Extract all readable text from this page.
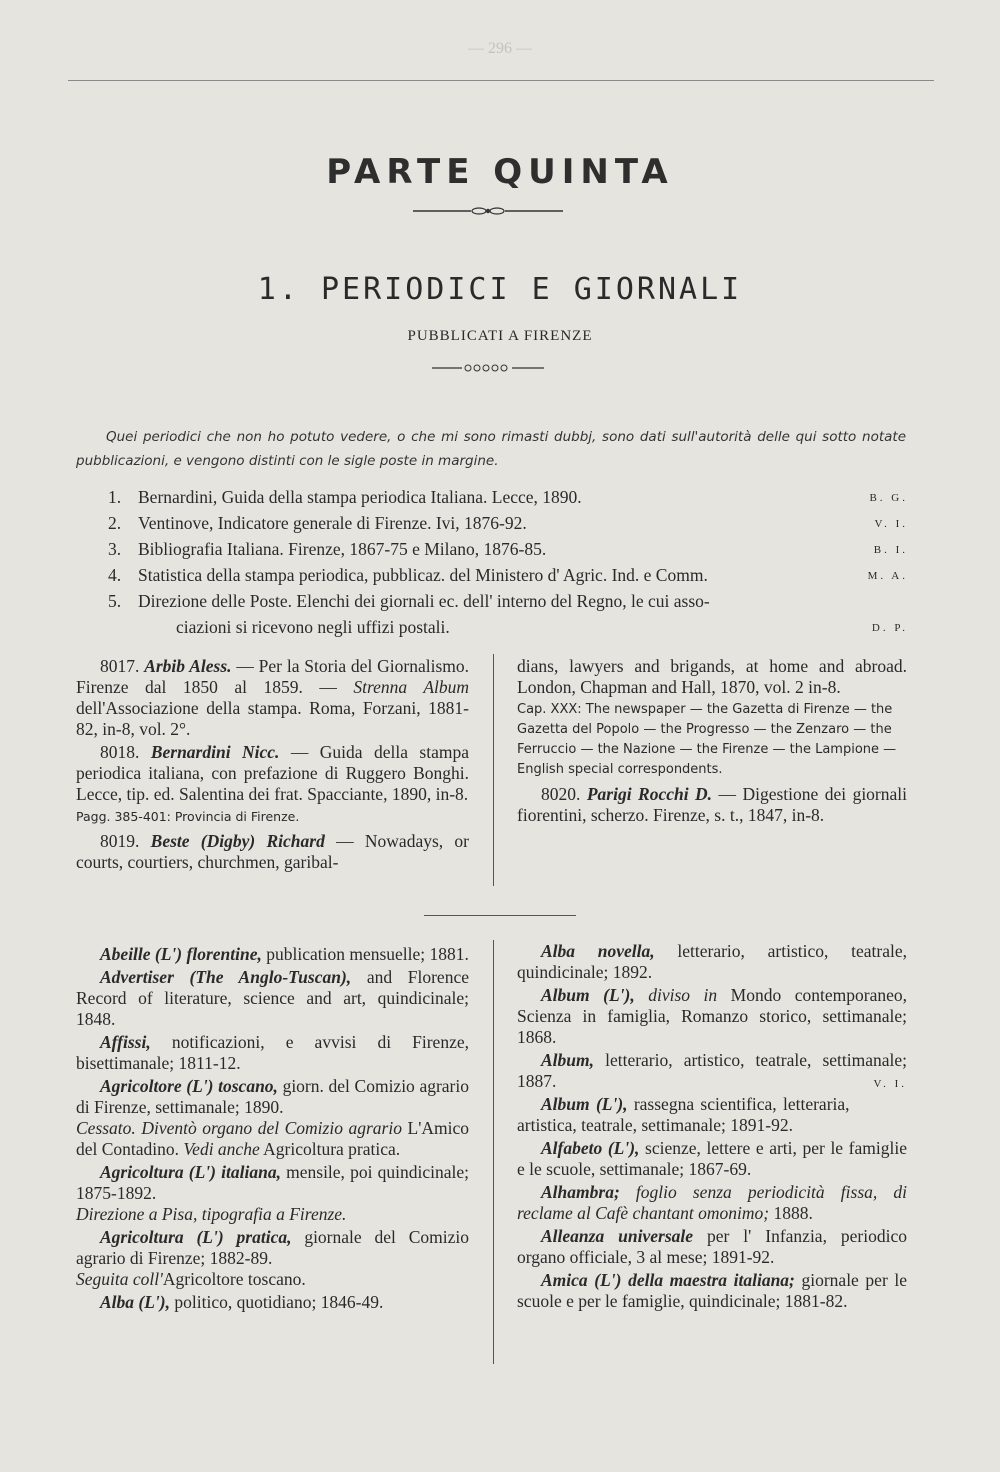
— 296 —
PARTE QUINTA
1. PERIODICI E GIORNALI
PUBBLICATI A FIRENZE
Quei periodici che non ho potuto vedere, o che mi sono rimasti dubbj, sono dati sull'autorità delle qui sotto notate pubblicazioni, e vengono distinti con le sigle poste in margine.
1. Bernardini, Guida della stampa periodica Italiana. Lecce, 1890.	B. G.
2. Ventinove, Indicatore generale di Firenze. Ivi, 1876-92.	V. I.
3. Bibliografia Italiana. Firenze, 1867-75 e Milano, 1876-85.	B. I.
4. Statistica della stampa periodica, pubblicaz. del Ministero d' Agric. Ind. e Comm.	M. A.
5. Direzione delle Poste. Elenchi dei giornali ec. dell' interno del Regno, le cui asso-
ciazioni si ricevono negli uffizi postali.	D. P.
8017. Arbib Aless. — Per la Storia del Giornalismo. Firenze dal 1850 al 1859. — Strenna Album dell'Associazione della stampa. Roma, Forzani, 1881-82, in-8, vol. 2°.
8018. Bernardini Nicc. — Guida della stampa periodica italiana, con prefazione di Ruggero Bonghi. Lecce, tip. ed. Salentina dei frat. Spacciante, 1890, in-8.
Pagg. 385-401: Provincia di Firenze.
8019. Beste (Digby) Richard — Nowadays, or courts, courtiers, churchmen, garibal-
dians, lawyers and brigands, at home and abroad. London, Chapman and Hall, 1870, vol. 2 in-8.
Cap. XXX: The newspaper — the Gazetta di Firenze — the Gazetta del Popolo — the Progresso — the Zenzaro — the Ferruccio — the Nazione — the Firenze — the Lampione — English special correspondents.
8020. Parigi Rocchi D. — Digestione dei giornali fiorentini, scherzo. Firenze, s. t., 1847, in-8.
Abeille (L') florentine, publication mensuelle; 1881.
Advertiser (The Anglo-Tuscan), and Florence Record of literature, science and art, quindicinale; 1848.
Affissi, notificazioni, e avvisi di Firenze, bisettimanale; 1811-12.
Agricoltore (L') toscano, giorn. del Comizio agrario di Firenze, settimanale; 1890.
Cessato. Diventò organo del Comizio agrario L'Amico del Contadino. Vedi anche Agricoltura pratica.
Agricoltura (L') italiana, mensile, poi quindicinale; 1875-1892.
Direzione a Pisa, tipografia a Firenze.
Agricoltura (L') pratica, giornale del Comizio agrario di Firenze; 1882-89.
Seguita coll'Agricoltore toscano.
Alba (L'), politico, quotidiano; 1846-49.
Alba novella, letterario, artistico, teatrale, quindicinale; 1892.
Album (L'), diviso in Mondo contemporaneo, Scienza in famiglia, Romanzo storico, settimanale; 1868.
Album, letterario, artistico, teatrale, settimanale; 1887.	V. I.
Album (L'), rassegna scientifica, letteraria, artistica, teatrale, settimanale; 1891-92.
Alfabeto (L'), scienze, lettere e arti, per le famiglie e le scuole, settimanale; 1867-69.
Alhambra; foglio senza periodicità fissa, di reclame al Cafè chantant omonimo; 1888.
Alleanza universale per l' Infanzia, periodico organo officiale, 3 al mese; 1891-92.
Amica (L') della maestra italiana; giornale per le scuole e per le famiglie, quindicinale; 1881-82.
